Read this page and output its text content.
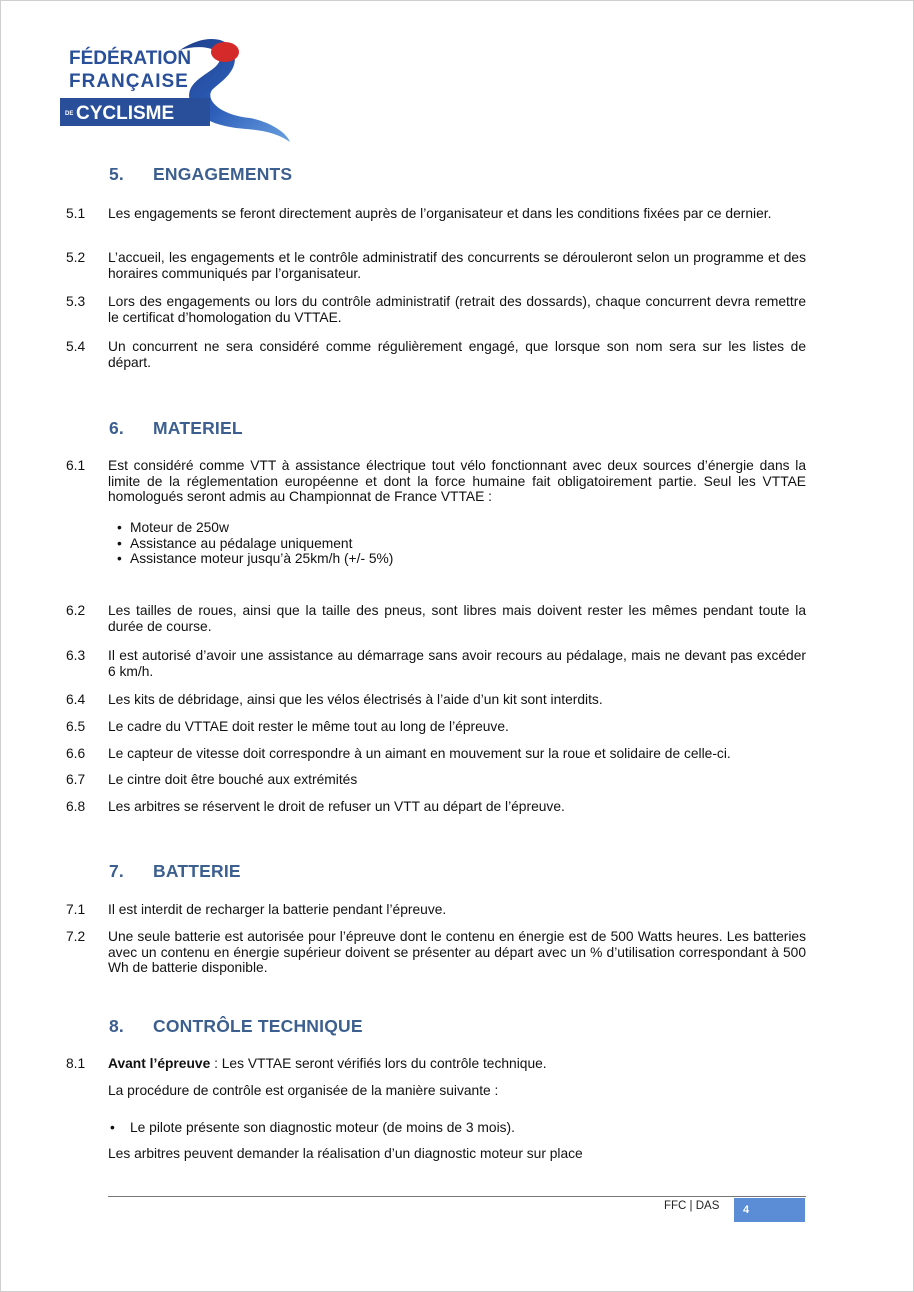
FÉDÉRATION
FRANÇAISE
DE CYCLISME
5. ENGAGEMENTS
5.1 Les engagements se feront directement auprès de l’organisateur et dans les conditions fixées par ce dernier.
5.2 L’accueil, les engagements et le contrôle administratif des concurrents se dérouleront selon un programme et des horaires communiqués par l’organisateur.
5.3 Lors des engagements ou lors du contrôle administratif (retrait des dossards), chaque concurrent devra remettre le certificat d’homologation du VTTAE.
5.4 Un concurrent ne sera considéré comme régulièrement engagé, que lorsque son nom sera sur les listes de départ.
6. MATERIEL
6.1 Est considéré comme VTT à assistance électrique tout vélo fonctionnant avec deux sources d’énergie dans la limite de la réglementation européenne et dont la force humaine fait obligatoirement partie. Seul les VTTAE homologués seront admis au Championnat de France VTTAE :
• Moteur de 250w
• Assistance au pédalage uniquement
• Assistance moteur jusqu’à 25km/h (+/- 5%)
6.2 Les tailles de roues, ainsi que la taille des pneus, sont libres mais doivent rester les mêmes pendant toute la durée de course.
6.3 Il est autorisé d’avoir une assistance au démarrage sans avoir recours au pédalage, mais ne devant pas excéder 6 km/h.
6.4 Les kits de débridage, ainsi que les vélos électrisés à l’aide d’un kit sont interdits.
6.5 Le cadre du VTTAE doit rester le même tout au long de l’épreuve.
6.6 Le capteur de vitesse doit correspondre à un aimant en mouvement sur la roue et solidaire de celle-ci.
6.7 Le cintre doit être bouché aux extrémités
6.8 Les arbitres se réservent le droit de refuser un VTT au départ de l’épreuve.
7. BATTERIE
7.1 Il est interdit de recharger la batterie pendant l’épreuve.
7.2 Une seule batterie est autorisée pour l’épreuve dont le contenu en énergie est de 500 Watts heures. Les batteries avec un contenu en énergie supérieur doivent se présenter au départ avec un % d’utilisation correspondant à 500 Wh de batterie disponible.
8. CONTRÔLE TECHNIQUE
8.1 Avant l’épreuve : Les VTTAE seront vérifiés lors du contrôle technique.
La procédure de contrôle est organisée de la manière suivante :
• Le pilote présente son diagnostic moteur (de moins de 3 mois).
Les arbitres peuvent demander la réalisation d’un diagnostic moteur sur place
FFC | DAS	4
